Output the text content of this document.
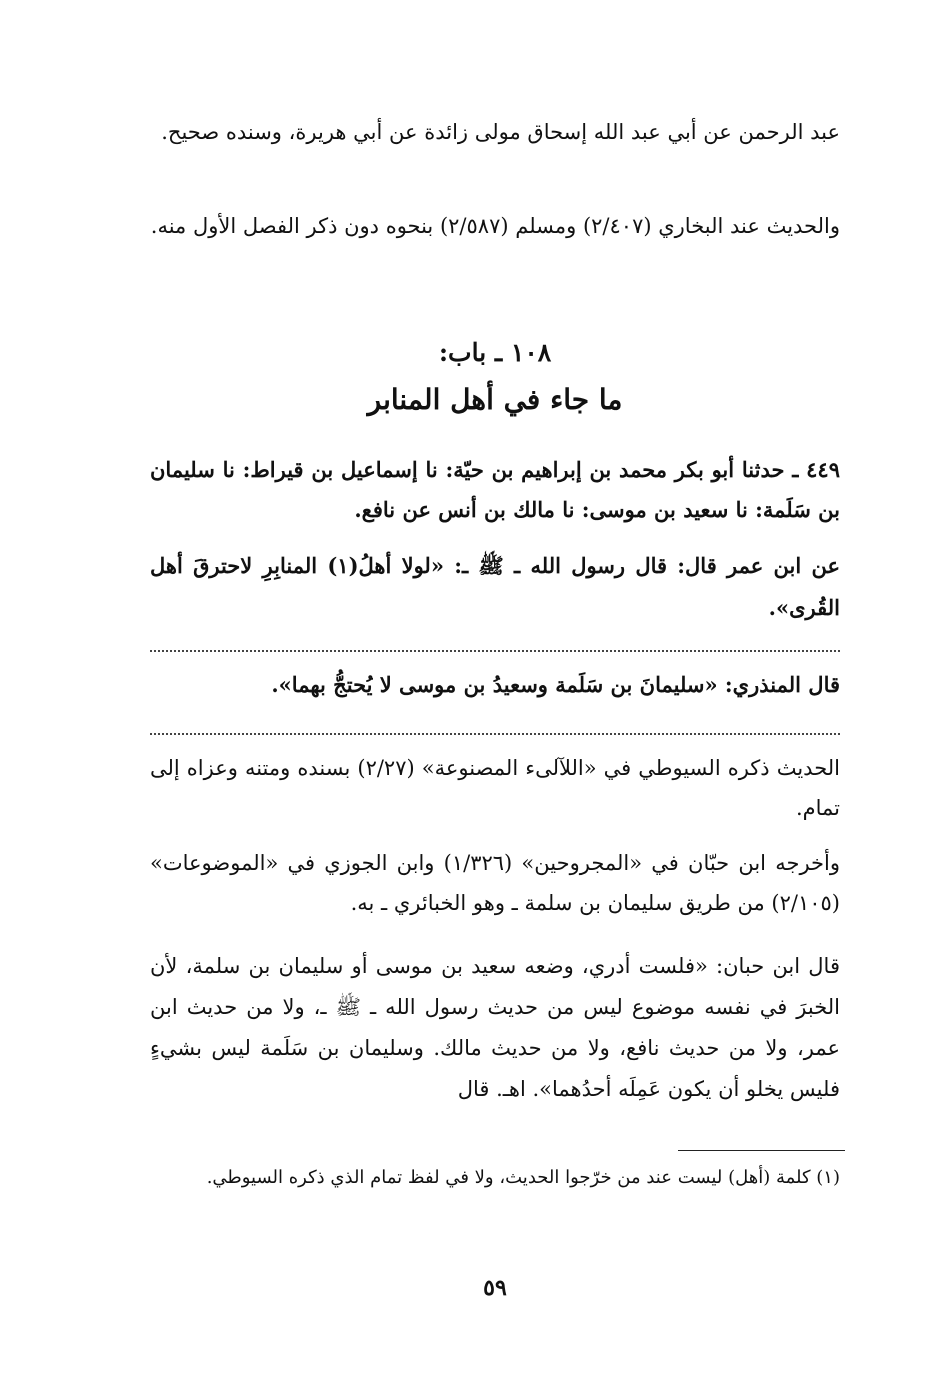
عبد الرحمن عن أبي عبد الله إسحاق مولى زائدة عن أبي هريرة، وسنده صحيح.
والحديث عند البخاري (٢/٤٠٧) ومسلم (٢/٥٨٧) بنحوه دون ذكر الفصل الأول منه.
١٠٨ ـ باب:
ما جاء في أهل المنابر
٤٤٩ ـ حدثنا أبو بكر محمد بن إبراهيم بن حيّة: نا إسماعيل بن قيراط: نا سليمان بن سَلَمة: نا سعيد بن موسى: نا مالك بن أنس عن نافع.
عن ابن عمر قال: قال رسول الله ـ ﷺ ـ: «لولا أهلُ(١) المنابِرِ لاحترقَ أهل القُرى».
قال المنذري: «سليمانَ بن سَلَمة وسعيدُ بن موسى لا يُحتجُّ بهما».
الحديث ذكره السيوطي في «اللآلىء المصنوعة» (٢/٢٧) بسنده ومتنه وعزاه إلى تمام.
وأخرجه ابن حبّان في «المجروحين» (١/٣٢٦) وابن الجوزي في «الموضوعات» (٢/١٠٥) من طريق سليمان بن سلمة ـ وهو الخبائري ـ به.
قال ابن حبان: «فلست أدري، وضعه سعيد بن موسى أو سليمان بن سلمة، لأن الخبرَ في نفسه موضوع ليس من حديث رسول الله ـ ﷺ ـ، ولا من حديث ابن عمر، ولا من حديث نافع، ولا من حديث مالك. وسليمان بن سَلَمة ليس بشيءٍ فليس يخلو أن يكون عَمِلَه أحدُهما». اهـ. قال
(١) كلمة (أهل) ليست عند من خرّجوا الحديث، ولا في لفظ تمام الذي ذكره السيوطي.
٥٩
